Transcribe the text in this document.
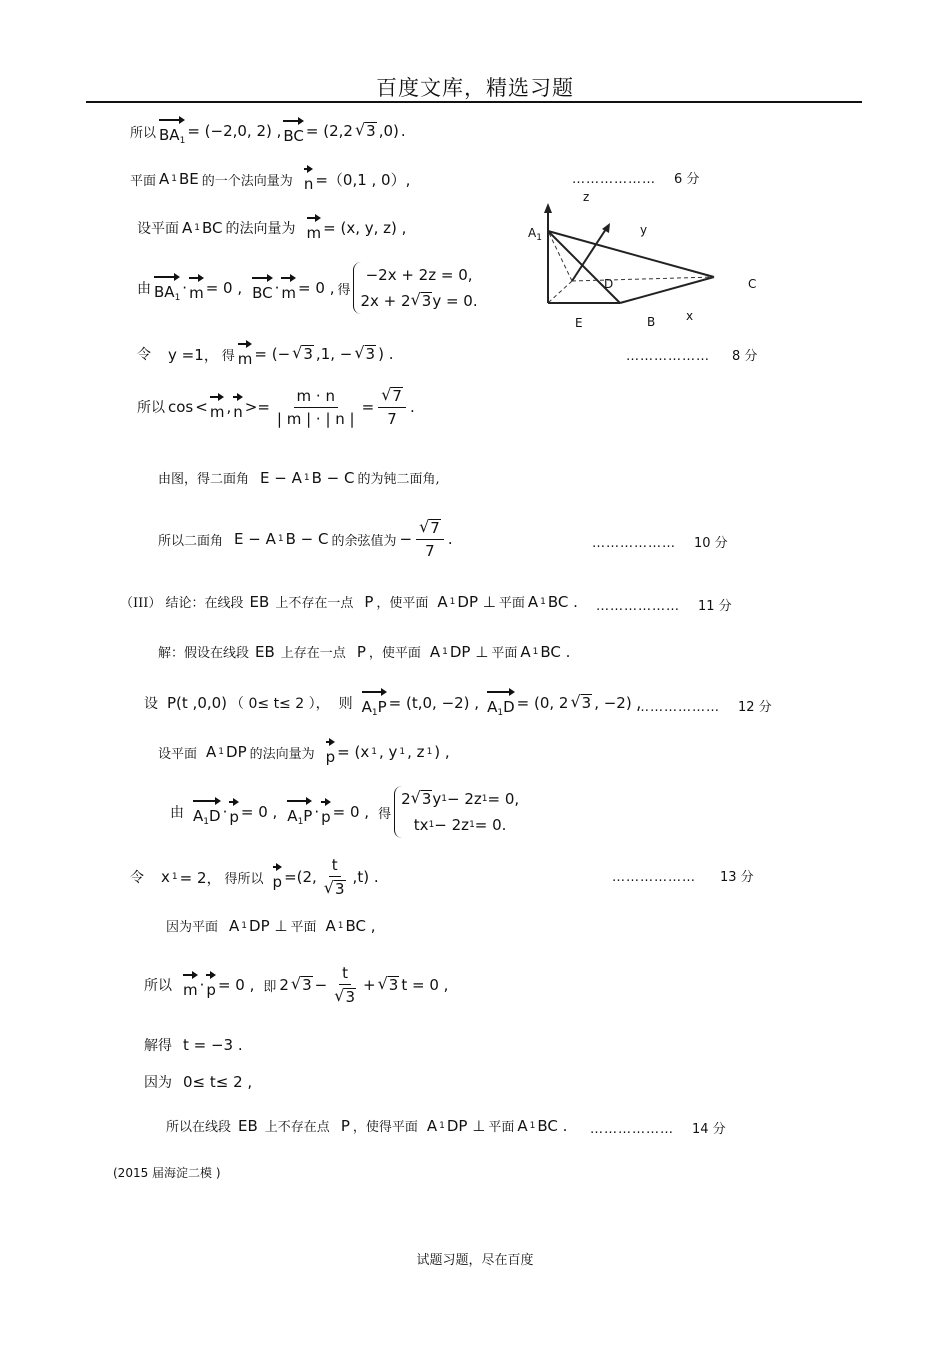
百度文库，精选习题
所以 $BA_1$
= (−2,0, 2) , BC = (2,2 √ 3 ,0) .
平面 A 1 BE 的一个法向量为 n =（0,1 , 0）,
设平面 A 1 BC 的法向量为 m = (x, y, z) ,
由 $BA_1$
· m = 0 , BC · m = 0 , 得
−2x + 2z = 0,
2x + 2 √ 3 y = 0.
令 y =1， 得 m = (− √ 3 ,1, − √ 3 ) .
所以 cos < m , $n >= \frac{m \cdot n}{| m | \cdot | n |} = \frac{√ 7}{7}$ .
由图，得二面角 E − A 1 B − C 的为钝二面角,
所以二面角 E − A 1 B − C 的余弦值为 − $\frac{√ 7}{7}$ .
（III） 结论：在线段 EB 上不存在一点 P ，使平面 A 1 DP ⊥ 平面 A 1 BC .
解：假设在线段 EB 上存在一点 P ，使平面 A 1 DP ⊥ 平面 A 1 BC .
设 P(t ,0,0) （ 0≤ t≤ 2 ）， 则 $A_1P = (t,0$, −2) , $A_1D = (0$, 2 √ 3 , −2) ,
设平面 A 1 DP 的法向量为 p = (x 1 , y 1 , z 1 ) ,
由 $A_1D \cdot p = 0$ , $A_1P \cdot p = 0$ , 得
2 √ 3 y 1 − 2z 1 = 0,
tx 1 − 2z 1 = 0.
令 x 1 = 2， 得所以 p =(2, $\frac{t}{√ 3} ,t$) .
因为平面 A 1 DP ⊥ 平面 A 1 BC ,
所以 m · p = 0 , 即 2 √ $3 - \frac{t}{√ 3}$ + √ 3 t = 0 ,
解得 t = −3 .
因为 0≤ t≤ 2 ,
所以在线段 EB 上不存在点 P ，使得平面 A 1 DP ⊥ 平面 A 1 BC .
……………… 6 分
……………… 8 分
……………… 10 分
……………… 11 分
……………… 12 分
……………… 13 分
……………… 14 分
z
y
$A_1$
D	C
E	B	x
(2015 届海淀二模 )
试题习题，尽在百度
